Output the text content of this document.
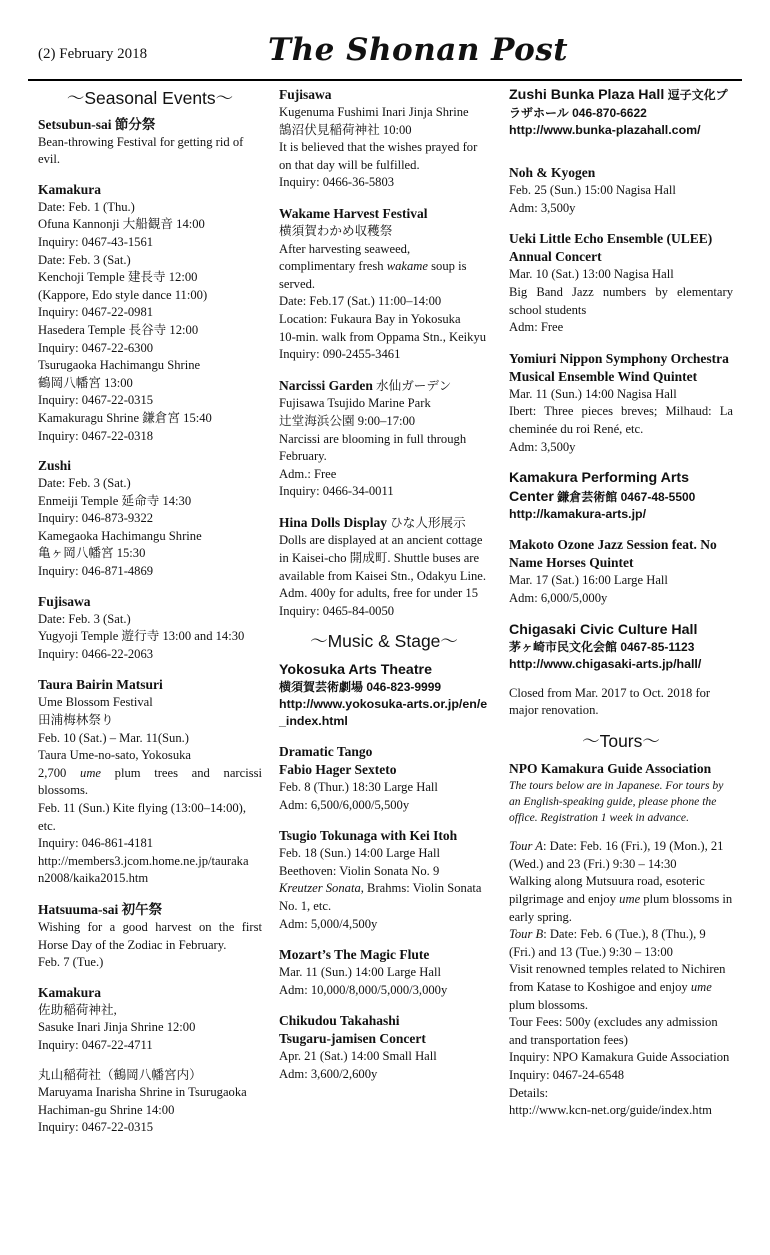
(2) February 2018	The Shonan Post
～Seasonal Events～
Setsubun-sai 節分祭
Bean-throwing Festival for getting rid of evil.
Kamakura
Date: Feb. 1 (Thu.)
Ofuna Kannonji 大船観音 14:00
Inquiry: 0467-43-1561
Date: Feb. 3 (Sat.)
Kenchoji Temple 建長寺 12:00
(Kappore, Edo style dance 11:00)
Inquiry: 0467-22-0981
Hasedera Temple 長谷寺 12:00
Inquiry: 0467-22-6300
Tsurugaoka Hachimangu Shrine
鶴岡八幡宮 13:00
Inquiry: 0467-22-0315
Kamakuragu Shrine 鎌倉宮 15:40
Inquiry: 0467-22-0318
Zushi
Date: Feb. 3 (Sat.)
Enmeiji Temple 延命寺 14:30
Inquiry: 046-873-9322
Kamegaoka Hachimangu Shrine
亀ヶ岡八幡宮 15:30
Inquiry: 046-871-4869
Fujisawa
Date: Feb. 3 (Sat.)
Yugyoji Temple 遊行寺 13:00 and 14:30
Inquiry: 0466-22-2063
Taura Bairin Matsuri
Ume Blossom Festival
田浦梅林祭り
Feb. 10 (Sat.) – Mar. 11(Sun.)
Taura Ume-no-sato, Yokosuka
2,700 ume plum trees and narcissi blossoms.
Feb. 11 (Sun.) Kite flying (13:00–14:00), etc.
Inquiry: 046-861-4181
http://members3.jcom.home.ne.jp/tauraka n2008/kaika2015.htm
Hatsuuma-sai 初午祭
Wishing for a good harvest on the first Horse Day of the Zodiac in February.
Feb. 7 (Tue.)
Kamakura
佐助稲荷神社,
Sasuke Inari Jinja Shrine 12:00
Inquiry: 0467-22-4711
丸山稲荷社（鶴岡八幡宮内）
Maruyama Inarisha Shrine in Tsurugaoka Hachiman-gu Shrine 14:00
Inquiry: 0467-22-0315
Fujisawa
Kugenuma Fushimi Inari Jinja Shrine
鵠沼伏見稲荷神社 10:00
It is believed that the wishes prayed for on that day will be fulfilled.
Inquiry: 0466-36-5803
Wakame Harvest Festival
横須賀わかめ収穫祭
After harvesting seaweed, complimentary fresh wakame soup is served.
Date: Feb.17 (Sat.) 11:00–14:00
Location: Fukaura Bay in Yokosuka
10-min. walk from Oppama Stn., Keikyu
Inquiry: 090-2455-3461
Narcissi Garden 水仙ガーデン
Fujisawa Tsujido Marine Park
辻堂海浜公園 9:00–17:00
Narcissi are blooming in full through February.
Adm.: Free
Inquiry: 0466-34-0011
Hina Dolls Display ひな人形展示
Dolls are displayed at an ancient cottage in Kaisei-cho 開成町. Shuttle buses are available from Kaisei Stn., Odakyu Line.
Adm. 400y for adults, free for under 15
Inquiry: 0465-84-0050
～Music & Stage～
Yokosuka Arts Theatre
横須賀芸術劇場 046-823-9999
http://www.yokosuka-arts.or.jp/en/e_index.html
Dramatic Tango
Fabio Hager Sexteto
Feb. 8 (Thur.) 18:30 Large Hall
Adm: 6,500/6,000/5,500y
Tsugio Tokunaga with Kei Itoh
Feb. 18 (Sun.) 14:00 Large Hall
Beethoven: Violin Sonata No. 9
Kreutzer Sonata, Brahms: Violin Sonata No. 1, etc.
Adm: 5,000/4,500y
Mozart’s The Magic Flute
Mar. 11 (Sun.) 14:00 Large Hall
Adm: 10,000/8,000/5,000/3,000y
Chikudou Takahashi
Tsugaru-jamisen Concert
Apr. 21 (Sat.) 14:00 Small Hall
Adm: 3,600/2,600y
Zushi Bunka Plaza Hall 逗子文化プラザホール 046-870-6622
http://www.bunka-plazahall.com/
Noh & Kyogen
Feb. 25 (Sun.) 15:00 Nagisa Hall
Adm: 3,500y
Ueki Little Echo Ensemble (ULEE)
Annual Concert
Mar. 10 (Sat.) 13:00 Nagisa Hall
Big Band Jazz numbers by elementary school students
Adm: Free
Yomiuri Nippon Symphony Orchestra
Musical Ensemble Wind Quintet
Mar. 11 (Sun.) 14:00 Nagisa Hall
Ibert: Three pieces breves; Milhaud: La cheminée du roi René, etc.
Adm: 3,500y
Kamakura Performing Arts Center 鎌倉芸術館 0467-48-5500
http://kamakura-arts.jp/
Makoto Ozone Jazz Session feat. No Name Horses Quintet
Mar. 17 (Sat.) 16:00 Large Hall
Adm: 6,000/5,000y
Chigasaki Civic Culture Hall
茅ヶ崎市民文化会館 0467-85-1123
http://www.chigasaki-arts.jp/hall/
Closed from Mar. 2017 to Oct. 2018 for major renovation.
～Tours～
NPO Kamakura Guide Association
The tours below are in Japanese. For tours by an English-speaking guide, please phone the office. Registration 1 week in advance.
Tour A: Date: Feb. 16 (Fri.), 19 (Mon.), 21 (Wed.) and 23 (Fri.) 9:30 – 14:30
Walking along Mutsuura road, esoteric pilgrimage and enjoy ume plum blossoms in early spring.
Tour B: Date: Feb. 6 (Tue.), 8 (Thu.), 9 (Fri.) and 13 (Tue.) 9:30 – 13:00
Visit renowned temples related to Nichiren from Katase to Koshigoe and enjoy ume plum blossoms.
Tour Fees: 500y (excludes any admission and transportation fees)
Inquiry: NPO Kamakura Guide Association
Inquiry: 0467-24-6548
Details:
http://www.kcn-net.org/guide/index.htm
